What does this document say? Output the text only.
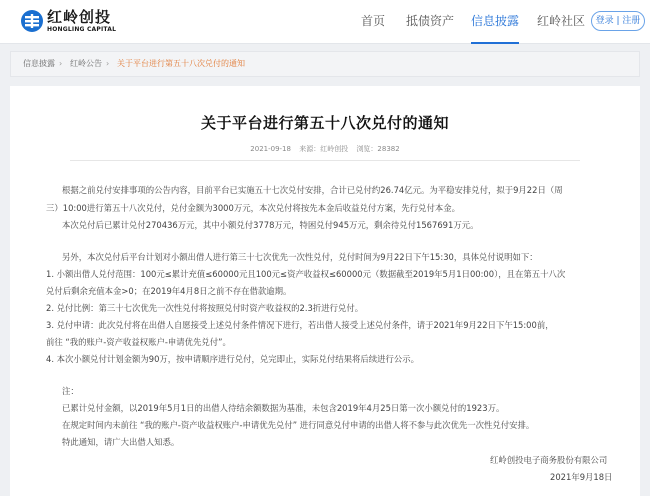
红岭创投
HONGLING CAPITAL
首页 抵债资产 信息披露 红岭社区	登录 | 注册
信息披露 › 红岭公告 › 关于平台进行第五十八次兑付的通知
关于平台进行第五十八次兑付的通知
2021-09-18 来源：红岭创投 浏览：28382
根据之前兑付安排事项的公告内容，目前平台已实施五十七次兑付安排，合计已兑付约26.74亿元。为平稳安排兑付，拟于9月22日（周
三）10:00进行第五十八次兑付，兑付金额为3000万元，本次兑付将按先本金后收益兑付方案，先行兑付本金。
本次兑付后已累计兑付270436万元，其中小额兑付3778万元，特困兑付945万元，剩余待兑付1567691万元。
另外，本次兑付后平台计划对小额出借人进行第三十七次优先一次性兑付，兑付时间为9月22日下午15:30，具体兑付说明如下：
1. 小额出借人兑付范围：100元≤累计充值≤60000元且100元≤资产收益权≤60000元（数据截至2019年5月1日00:00），且在第五十八次
兑付后剩余充值本金>0；在2019年4月8日之前不存在借款逾期。
2. 兑付比例：第三十七次优先一次性兑付将按照兑付时资产收益权的2.3折进行兑付。
3. 兑付申请：此次兑付将在出借人自愿接受上述兑付条件情况下进行，若出借人接受上述兑付条件，请于2021年9月22日下午15:00前，
前往 “我的账户-资产收益权账户-申请优先兑付”。
4. 本次小额兑付计划金额为90万，按申请顺序进行兑付，兑完即止，实际兑付结果将后续进行公示。
注：
已累计兑付金额，以2019年5月1日的出借人待结余额数据为基准，未包含2019年4月25日第一次小额兑付的1923万。
在规定时间内未前往 “我的账户-资产收益权账户-申请优先兑付” 进行同意兑付申请的出借人将不参与此次优先一次性兑付安排。
特此通知，请广大出借人知悉。
红岭创投电子商务股份有限公司
2021年9月18日
